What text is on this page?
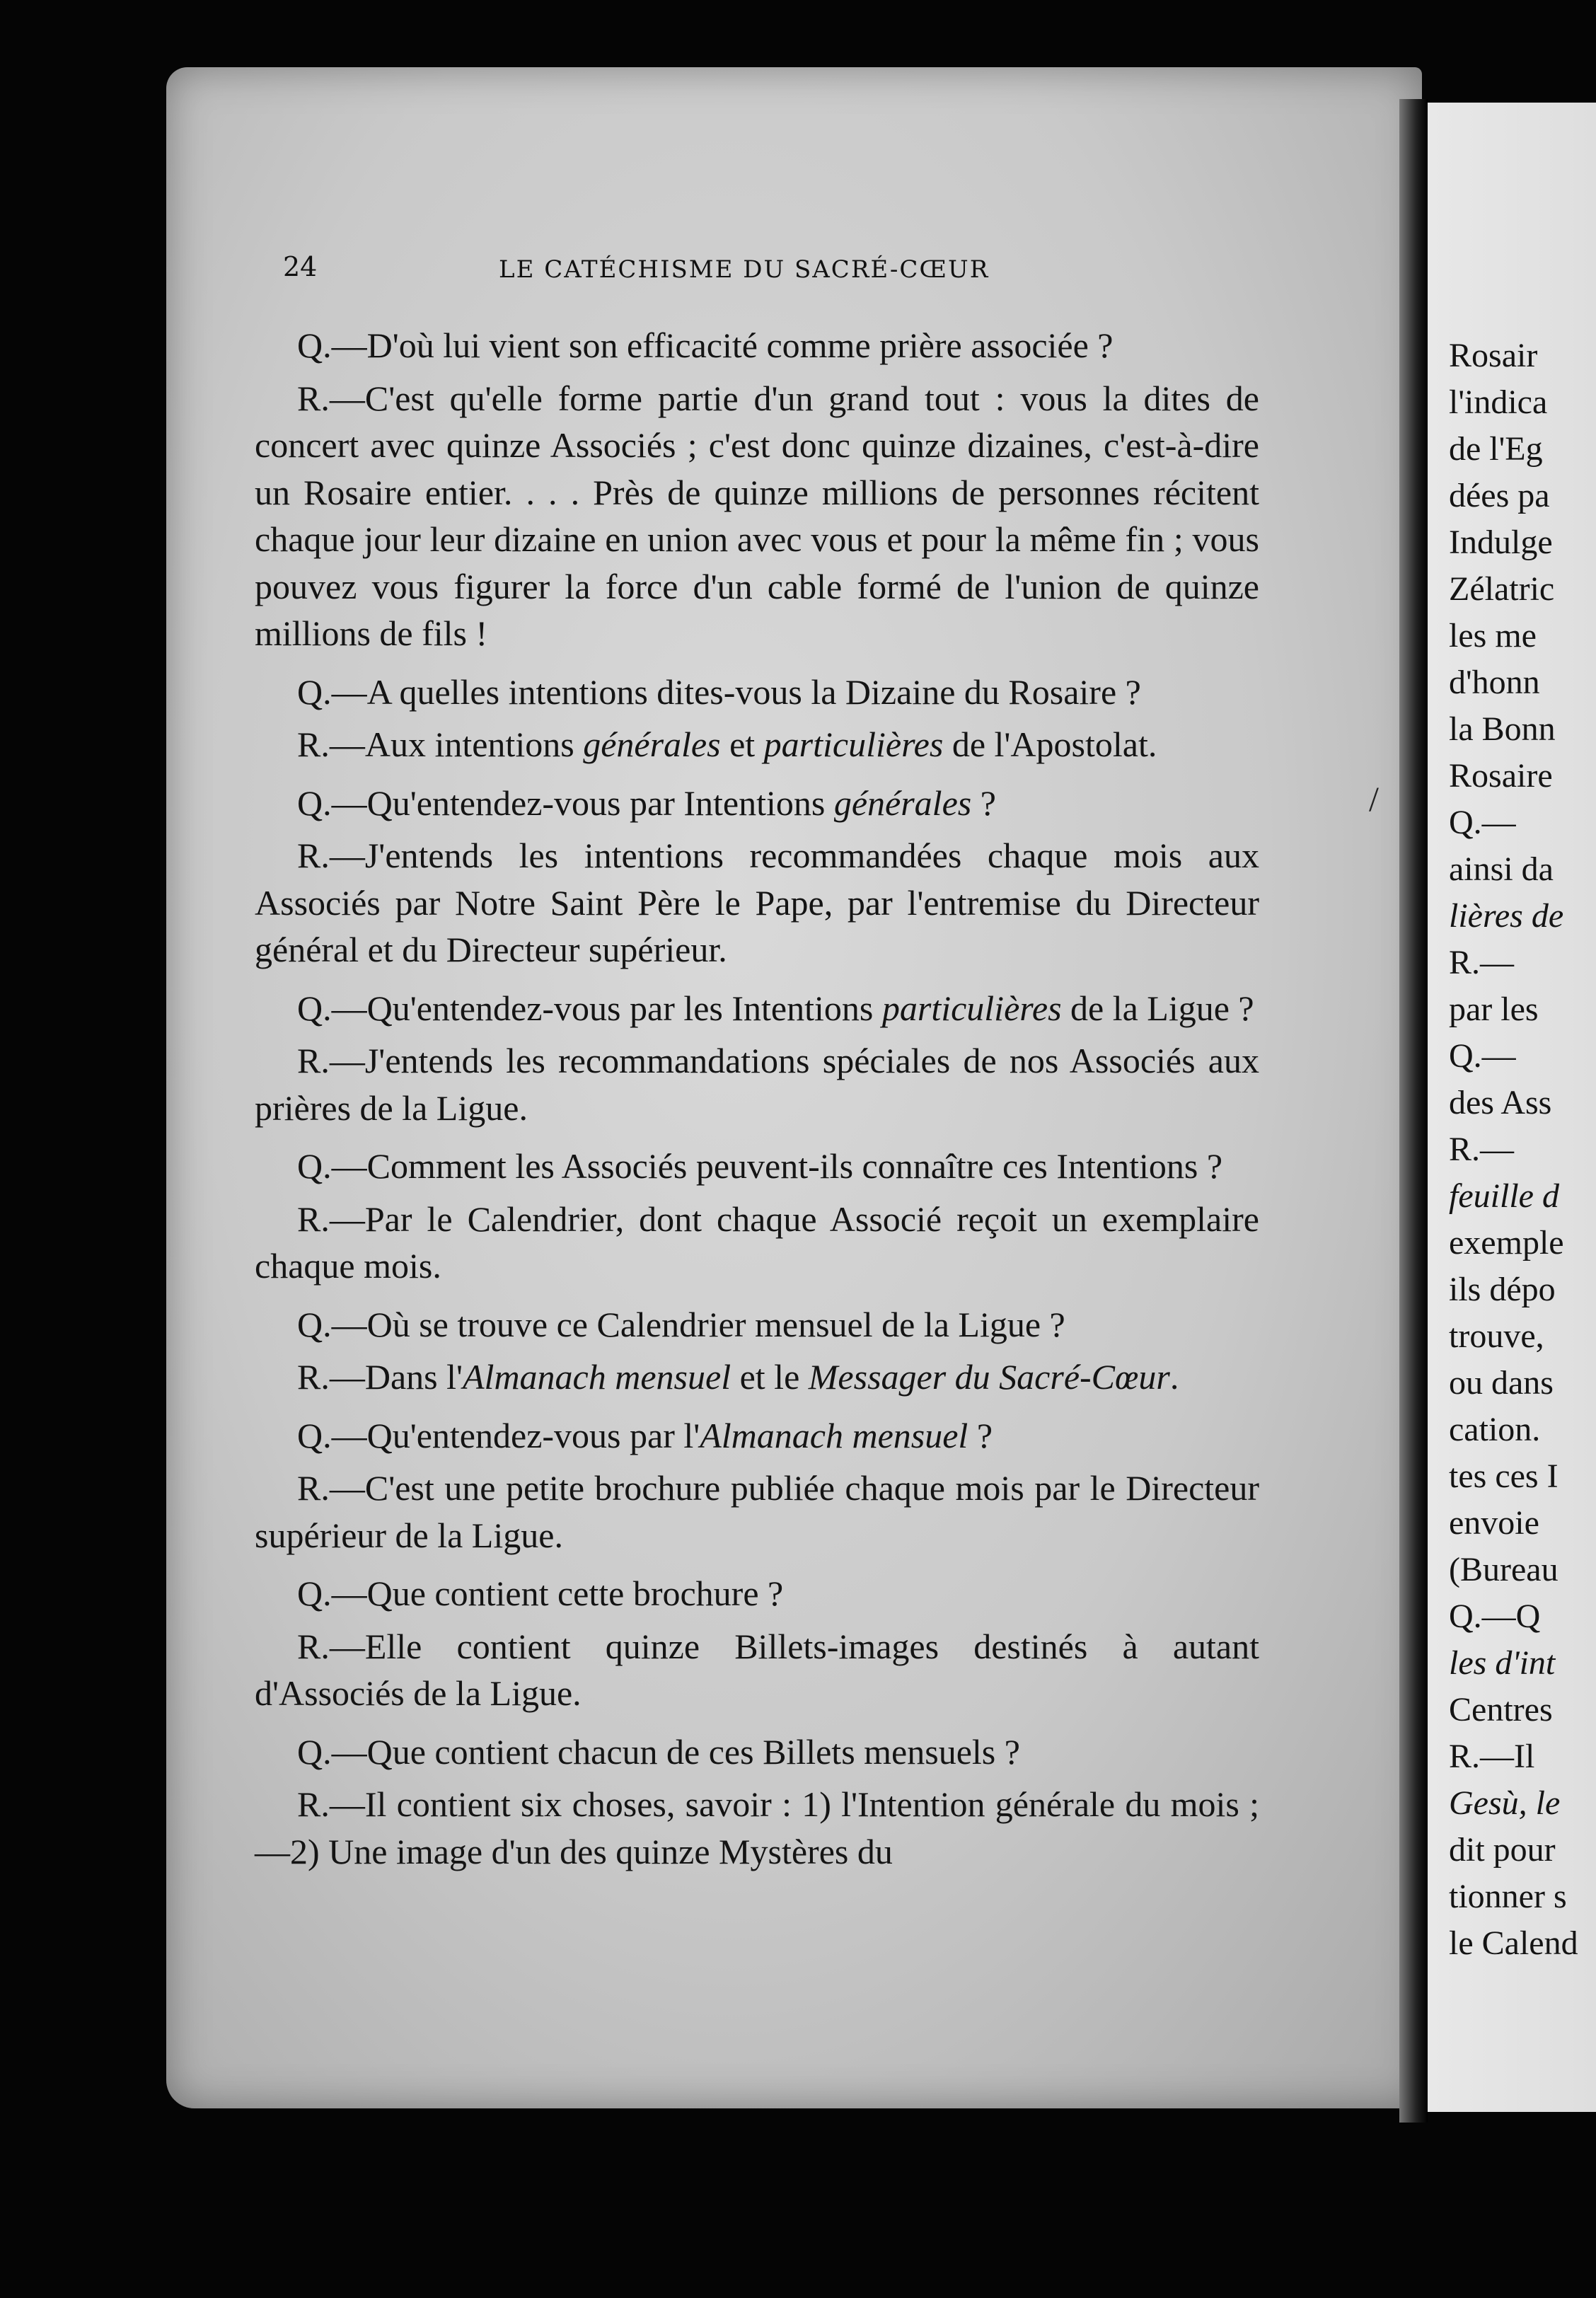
24	LE CATÉCHISME DU SACRÉ-CŒUR

Q.—D'où lui vient son efficacité comme prière associée ?

R.—C'est qu'elle forme partie d'un grand tout : vous la dites de concert avec quinze Associés ; c'est donc quinze dizaines, c'est-à-dire un Rosaire entier. . . . Près de quinze millions de personnes récitent chaque jour leur dizaine en union avec vous et pour la même fin ; vous pouvez vous figurer la force d'un cable formé de l'union de quinze millions de fils !

Q.—A quelles intentions dites-vous la Dizaine du Rosaire ?

R.—Aux intentions générales et particulières de l'Apostolat.

Q.—Qu'entendez-vous par Intentions générales ?

R.—J'entends les intentions recommandées chaque mois aux Associés par Notre Saint Père le Pape, par l'entremise du Directeur général et du Directeur supérieur.

Q.—Qu'entendez-vous par les Intentions particulières de la Ligue ?

R.—J'entends les recommandations spéciales de nos Associés aux prières de la Ligue.

Q.—Comment les Associés peuvent-ils connaître ces Intentions ?

R.—Par le Calendrier, dont chaque Associé reçoit un exemplaire chaque mois.

Q.—Où se trouve ce Calendrier mensuel de la Ligue ?

R.—Dans l'Almanach mensuel et le Messager du Sacré-Cœur.

Q.—Qu'entendez-vous par l'Almanach mensuel ?

R.—C'est une petite brochure publiée chaque mois par le Directeur supérieur de la Ligue.

Q.—Que contient cette brochure ?

R.—Elle contient quinze Billets-images destinés à autant d'Associés de la Ligue.

Q.—Que contient chacun de ces Billets mensuels ?

R.—Il contient six choses, savoir : 1) l'Intention générale du mois ;—2) Une image d'un des quinze Mystères du

/
Rosair
l'indica
de l'Eg
dées pa
Indulge
Zélatric
les me
d'honn
la Bonn
Rosaire
Q.—
ainsi da
lières de
R.—
par les
Q.—
des Ass
R.—
feuille d
exemple
ils dépo
trouve,
ou dans
cation.
tes ces I
envoie
(Bureau
Q.—Q
les d'int
Centres
R.—Il
Gesù, le
dit pour
tionner s
le Calend
